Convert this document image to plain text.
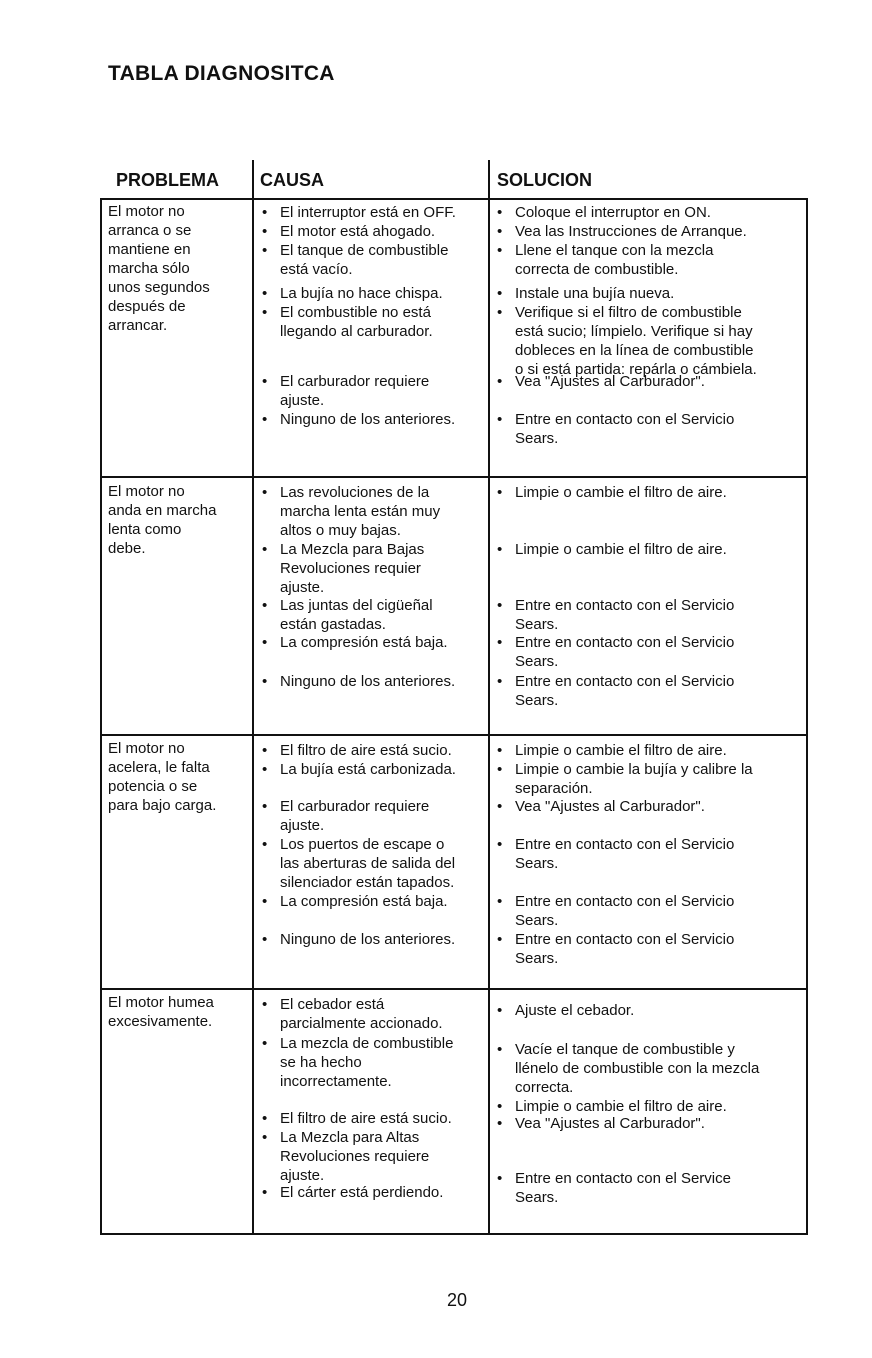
TABLA DIAGNOSITCA
PROBLEMA CAUSA	SOLUCION
El motor no
arranca o se
mantiene en
marcha sólo
unos segundos
después de
arrancar.
• El interruptor está en OFF.
• El motor está ahogado.
• El tanque de combustible
está vacío.
• La bujía no hace chispa.
• El combustible no está
llegando al carburador.
• El carburador requiere
ajuste.
• Ninguno de los anteriores.
• Coloque el interruptor en ON.
• Vea las Instrucciones de Arranque.
• Llene el tanque con la mezcla
correcta de combustible.
• Instale una bujía nueva.
• Verifique si el filtro de combustible
está sucio; límpielo. Verifique si hay
dobleces en la línea de combustible
o si está partida: repárla o cámbiela.
• Vea "Ajustes al Carburador".
• Entre en contacto con el Servicio
Sears.
El motor no
anda en marcha
lenta como
debe.
• Las revoluciones de la
marcha lenta están muy
altos o muy bajas.
• La Mezcla para Bajas
Revoluciones requier
ajuste.
• Las juntas del cigüeñal
están gastadas.
• La compresión está baja.
• Ninguno de los anteriores.
• Limpie o cambie el filtro de aire.
• Limpie o cambie el filtro de aire.
• Entre en contacto con el Servicio
Sears.
• Entre en contacto con el Servicio
Sears.
• Entre en contacto con el Servicio
Sears.
El motor no
acelera, le falta
potencia o se
para bajo carga.
• El filtro de aire está sucio.
• La bujía está carbonizada.
• El carburador requiere
ajuste.
• Los puertos de escape o
las aberturas de salida del
silenciador están tapados.
• La compresión está baja.
• Ninguno de los anteriores.
• Limpie o cambie el filtro de aire.
• Limpie o cambie la bujía y calibre la
separación.
• Vea "Ajustes al Carburador".
• Entre en contacto con el Servicio
Sears.
• Entre en contacto con el Servicio
Sears.
• Entre en contacto con el Servicio
Sears.
El motor humea
excesivamente.
• El cebador está
parcialmente accionado.
• La mezcla de combustible
se ha hecho
incorrectamente.
• El filtro de aire está sucio.
• La Mezcla para Altas
Revoluciones requiere
ajuste.
• El cárter está perdiendo.
• Ajuste el cebador.
• Vacíe el tanque de combustible y
llénelo de combustible con la mezcla
correcta.
• Limpie o cambie el filtro de aire.
• Vea "Ajustes al Carburador".
• Entre en contacto con el Service
Sears.
20
